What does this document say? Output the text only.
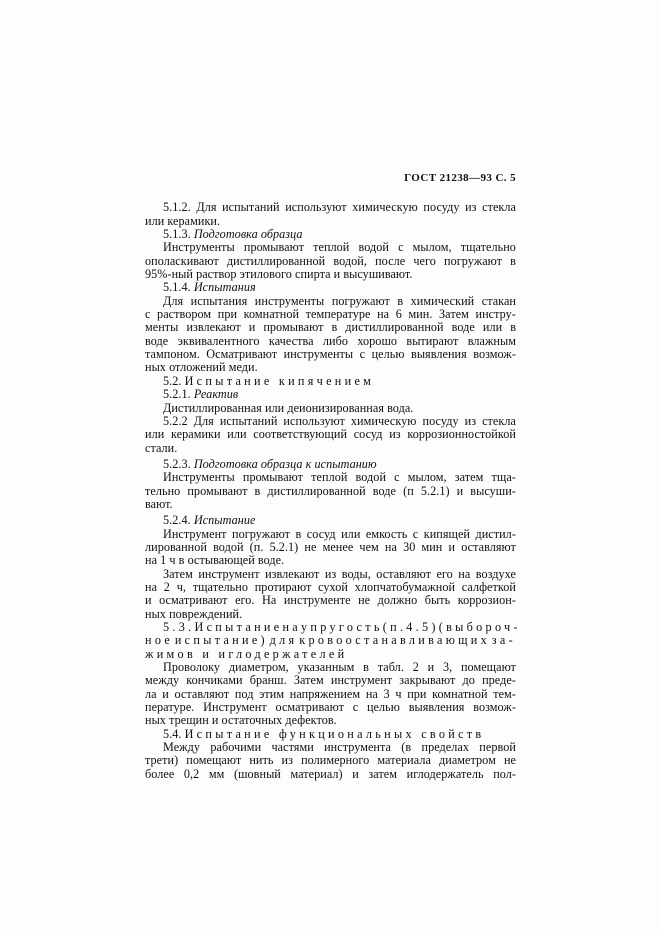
ГОСТ 21238—93 С. 5
5.1.2. Для испытаний используют химическую посуду из стекла
или керамики.
5.1.3. Подготовка образца
Инструменты промывают теплой водой с мылом, тщательно
ополаскивают дистиллированной водой, после чего погружают в
95%-ный раствор этилового спирта и высушивают.
5.1.4. Испытания
Для испытания инструменты погружают в химический стакан
с раствором при комнатной температуре на 6 мин. Затем инстру-
менты извлекают и промывают в дистиллированной воде или в
воде эквивалентного качества либо хорошо вытирают влажным
тампоном. Осматривают инструменты с целью выявления возмож-
ных отложений меди.
5.2. Испытание кипячением
5.2.1. Реактив
Дистиллированная или деионизированная вода.
5.2.2 Для испытаний используют химическую посуду из стекла
или керамики или соответствующий сосуд из коррозионностойкой
стали.
5.2.3. Подготовка образца к испытанию
Инструменты промывают теплой водой с мылом, затем тща-
тельно промывают в дистиллированной воде (п 5.2.1) и высуши-
вают.
5.2.4. Испытание
Инструмент погружают в сосуд или емкость с кипящей дистил-
лированной водой (п. 5.2.1) не менее чем на 30 мин и оставляют
на 1 ч в остывающей воде.
Затем инструмент извлекают из воды, оставляют его на воздухе
на 2 ч, тщательно протирают сухой хлопчатобумажной салфеткой
и осматривают его. На инструменте не должно быть коррозион-
ных повреждений.
5.3. Испытание на упругость (п. 4.5) (выбороч-
ное испытание) для кровоостанавливающих за-
жимов и иглодержателей
Проволоку диаметром, указанным в табл. 2 и 3, помещают
между кончиками бранш. Затем инструмент закрывают до преде-
ла и оставляют под этим напряжением на 3 ч при комнатной тем-
пературе. Инструмент осматривают с целью выявления возмож-
ных трещин и остаточных дефектов.
5.4. Испытание функциональных свойств
Между рабочими частями инструмента (в пределах первой
трети) помещают нить из полимерного материала диаметром не
более 0,2 мм (шовный материал) и затем иглодержатель пол-
